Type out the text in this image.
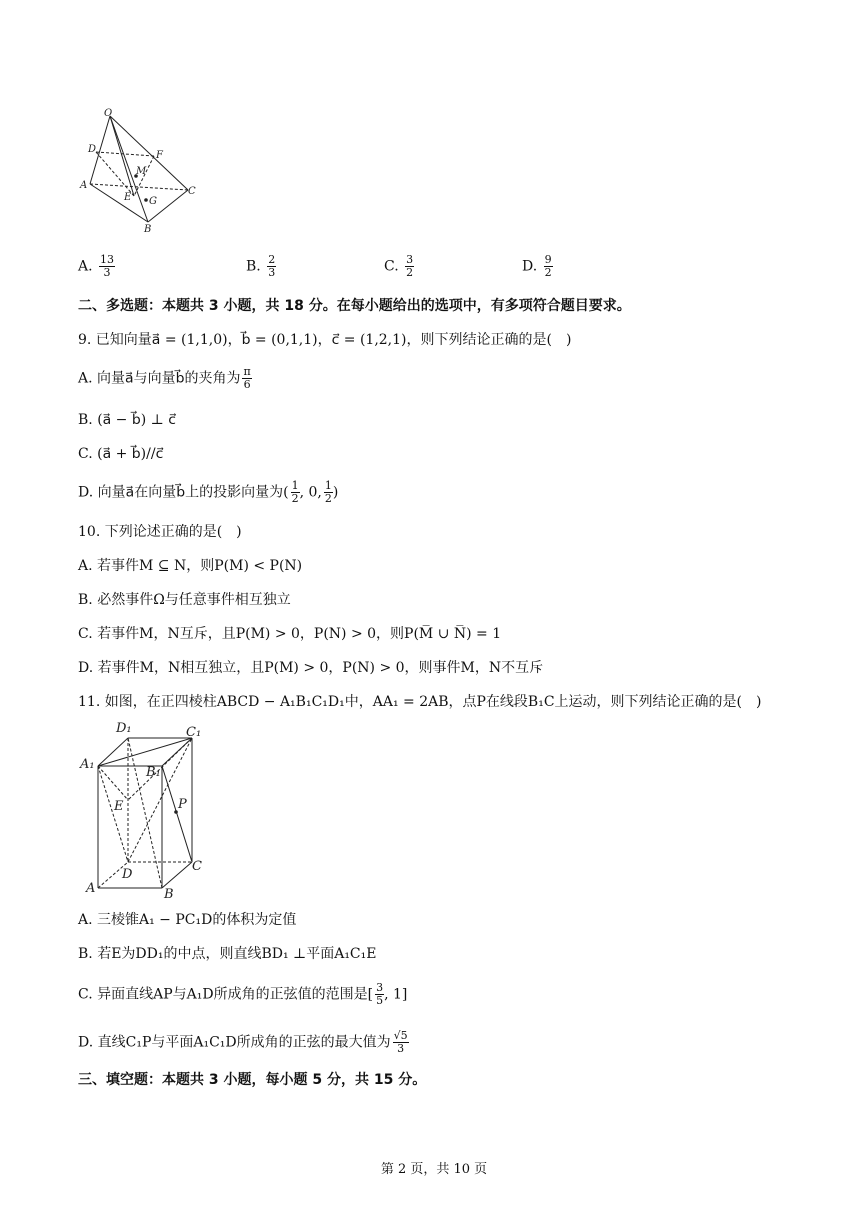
O
D
F
M
A
C
E G
B
A. $\frac{13}{3}$	B. $\frac{2}{3}$	C. $\frac{3}{2}$	D. $\frac{9}{2}$
二、多选题：本题共 3 小题，共 18 分。在每小题给出的选项中，有多项符合题目要求。
9. 已知向量a⃗ = (1,1,0)，b⃗ = (0,1,1)，c⃗ = (1,2,1)，则下列结论正确的是(　)
A. 向量a⃗与向量b⃗的夹角为 $\frac{\pi}{6}$
B. (a⃗ − b⃗) ⊥ c⃗
C. (a⃗ + b⃗)//c⃗
D. 向量a⃗在向量b⃗上的投影向量为( $\frac{1}{2}$ , 0, $\frac{1}{2}$ )
10. 下列论述正确的是(　)
A. 若事件M ⊆ N，则P(M) < P(N)
B. 必然事件Ω与任意事件相互独立
C. 若事件M，N互斥，且P(M) > 0，P(N) > 0，则P(M̅ ∪ N̅) = 1
D. 若事件M，N相互独立，且P(M) > 0，P(N) > 0，则事件M，N不互斥
11. 如图，在正四棱柱ABCD − A₁B₁C₁D₁中，AA₁ = 2AB，点P在线段B₁C上运动，则下列结论正确的是(　)
D₁	C₁
A₁
B₁
E	P
D
C
A	B
A. 三棱锥A₁ − PC₁D的体积为定值
B. 若E为DD₁的中点，则直线BD₁ ⊥平面A₁C₁E
C. 异面直线AP与A₁D所成角的正弦值的范围是[ $\frac{3}{5}$ , 1]
D. 直线C₁P与平面A₁C₁D所成角的正弦的最大值为 $\frac{√5}{3}$
三、填空题：本题共 3 小题，每小题 5 分，共 15 分。
第 2 页，共 10 页
